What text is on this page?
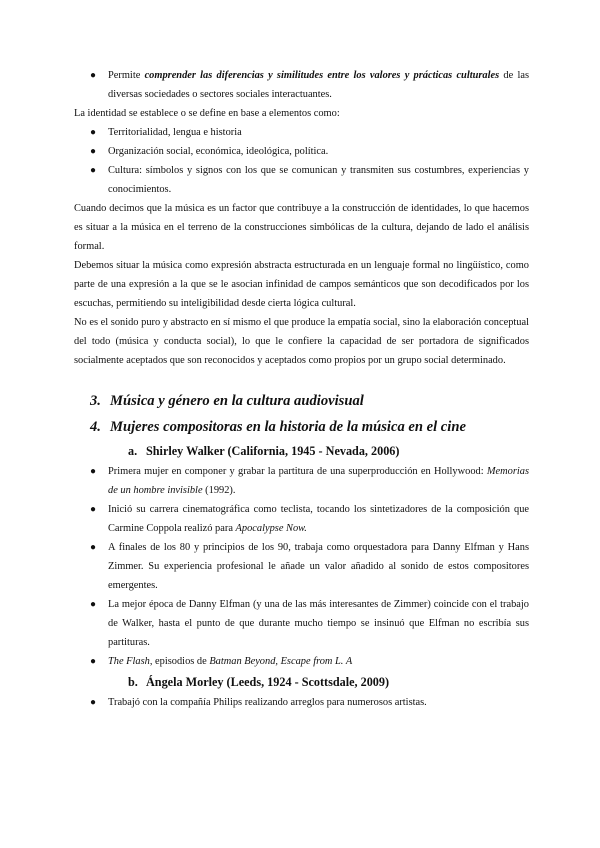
● Permite comprender las diferencias y similitudes entre los valores y prácticas culturales de las diversas sociedades o sectores sociales interactuantes.

La identidad se establece o se define en base a elementos como:

● Territorialidad, lengua e historia
● Organización social, económica, ideológica, política.
● Cultura: símbolos y signos con los que se comunican y transmiten sus costumbres, experiencias y conocimientos.

Cuando decimos que la música es un factor que contribuye a la construcción de identidades, lo que hacemos es situar a la música en el terreno de la construcciones simbólicas de la cultura, dejando de lado el análisis formal.

Debemos situar la música como expresión abstracta estructurada en un lenguaje formal no lingüístico, como parte de una expresión a la que se le asocian infinidad de campos semánticos que son decodificados por los escuchas, permitiendo su inteligibilidad desde cierta lógica cultural.

No es el sonido puro y abstracto en sí mismo el que produce la empatía social, sino la elaboración conceptual del todo (música y conducta social), lo que le confiere la capacidad de ser portadora de significados socialmente aceptados que son reconocidos y aceptados como propios por un grupo social determinado.

3. Música y género en la cultura audiovisual
4. Mujeres compositoras en la historia de la música en el cine
a. Shirley Walker (California, 1945 - Nevada, 2006)
● Primera mujer en componer y grabar la partitura de una superproducción en Hollywood: Memorias de un hombre invisible (1992).
● Inició su carrera cinematográfica como teclista, tocando los sintetizadores de la composición que Carmine Coppola realizó para Apocalypse Now.
● A finales de los 80 y principios de los 90, trabaja como orquestadora para Danny Elfman y Hans Zimmer. Su experiencia profesional le añade un valor añadido al sonido de estos compositores emergentes.
● La mejor época de Danny Elfman (y una de las más interesantes de Zimmer) coincide con el trabajo de Walker, hasta el punto de que durante mucho tiempo se insinuó que Elfman no escribía sus partituras.
● The Flash, episodios de Batman Beyond, Escape from L. A
b. Ángela Morley (Leeds, 1924 - Scottsdale, 2009)
● Trabajó con la compañía Philips realizando arreglos para numerosos artistas.
